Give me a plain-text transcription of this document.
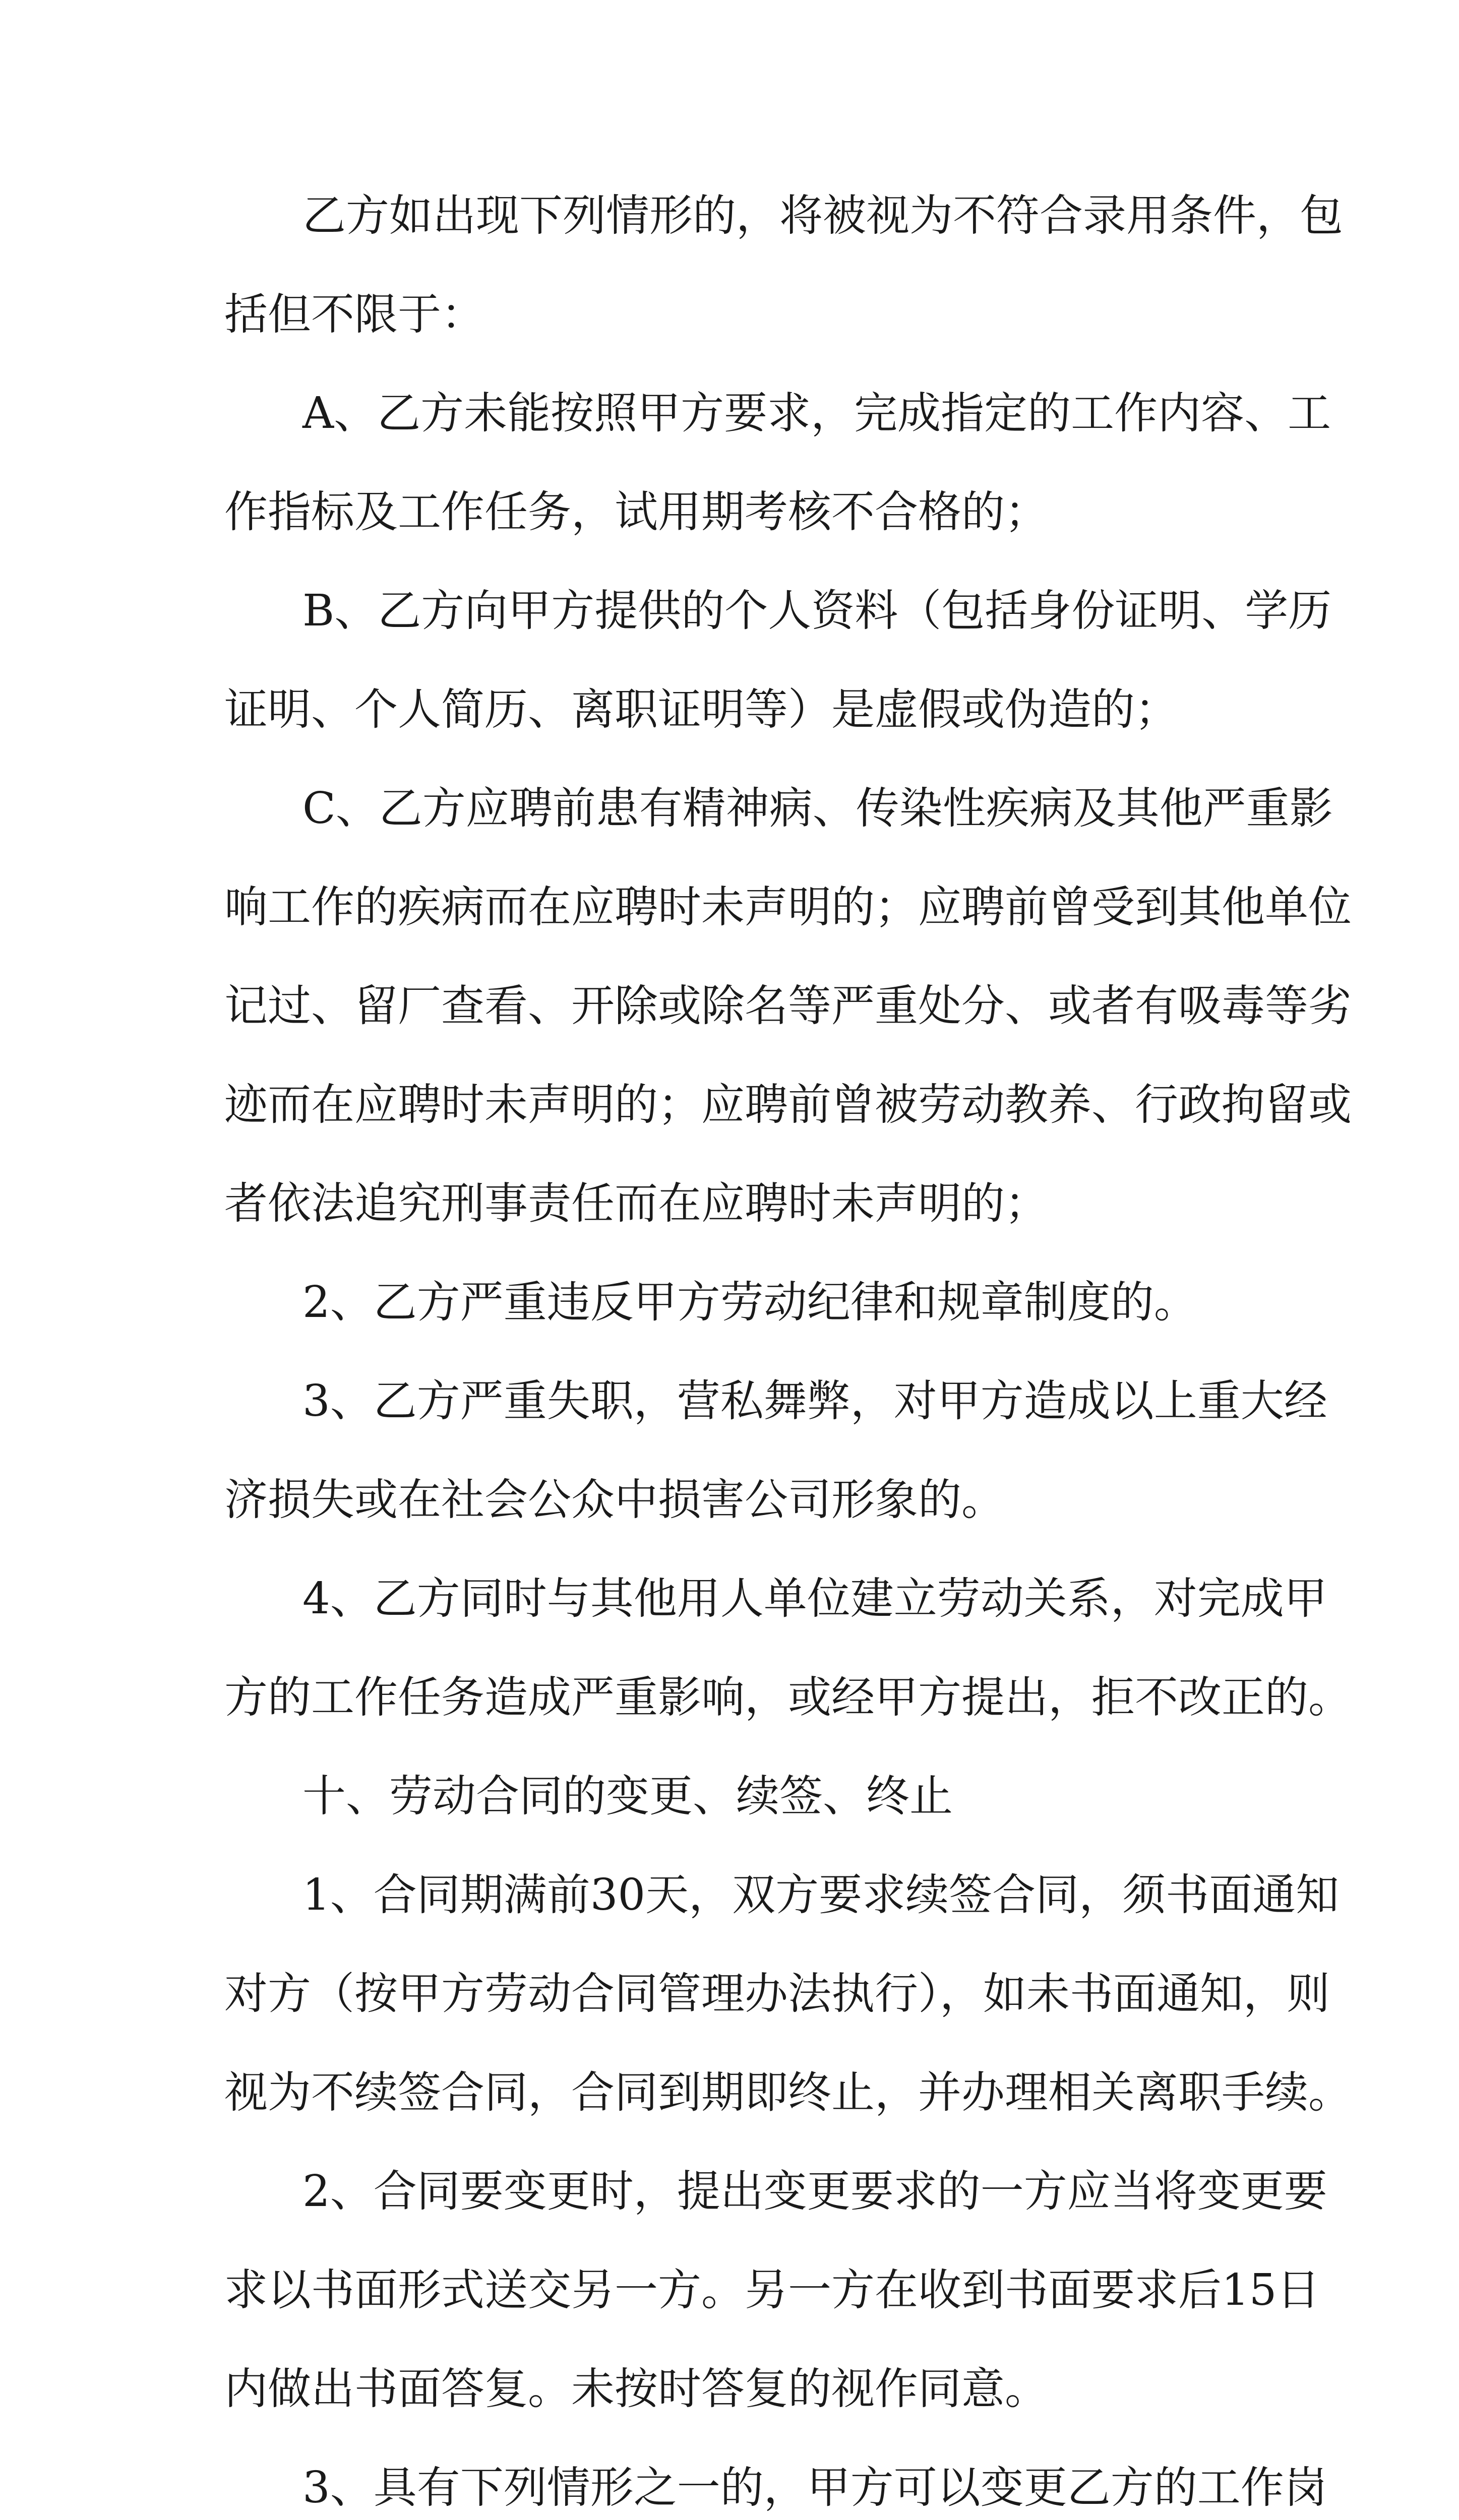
乙方如出现下列情形的，将被视为不符合录用条件，包
括但不限于：
A、乙方未能按照甲方要求，完成指定的工作内容、工
作指标及工作任务，试用期考核不合格的；
B、乙方向甲方提供的个人资料（包括身份证明、学历
证明、个人简历、离职证明等）是虚假或伪造的；
C、乙方应聘前患有精神病、传染性疾病及其他严重影
响工作的疾病而在应聘时未声明的；应聘前曾受到其他单位
记过、留厂查看、开除或除名等严重处分、或者有吸毒等劣
迹而在应聘时未声明的；应聘前曾被劳动教养、行政拘留或
者依法追究刑事责任而在应聘时未声明的；
2、乙方严重违反甲方劳动纪律和规章制度的。
3、乙方严重失职，营私舞弊，对甲方造成以上重大经
济损失或在社会公众中损害公司形象的。
4、乙方同时与其他用人单位建立劳动关系，对完成甲
方的工作任务造成严重影响，或经甲方提出，拒不改正的。
十、劳动合同的变更、续签、终止
1、合同期满前30天，双方要求续签合同，须书面通知
对方（按甲方劳动合同管理办法执行），如未书面通知，则
视为不续签合同，合同到期即终止，并办理相关离职手续。
2、合同要变更时，提出变更要求的一方应当将变更要
求以书面形式送交另一方。另一方在收到书面要求后15日
内做出书面答复。未按时答复的视作同意。
3、具有下列情形之一的，甲方可以变更乙方的工作岗
